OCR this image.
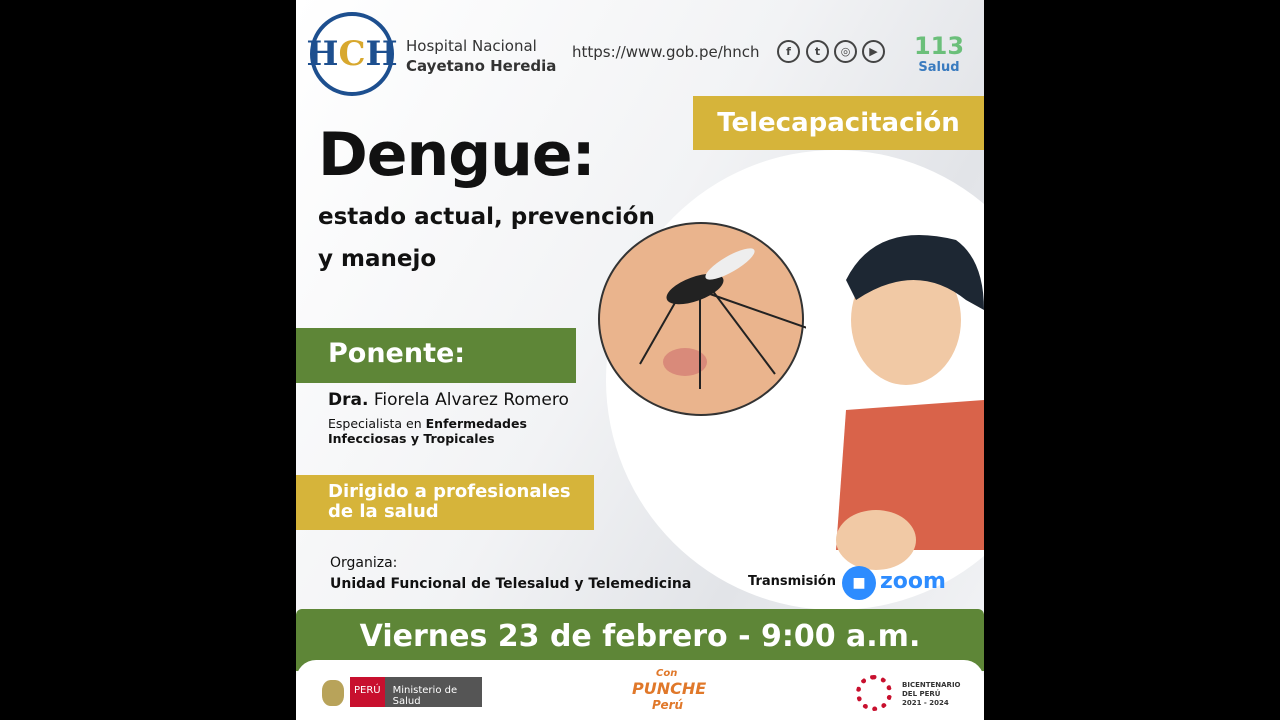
H C H Hospital Nacional
Cayetano Heredia
https://www.gob.pe/hnch	f	t	◎	▶	113
Salud
Telecapacitación
Dengue:
estado actual, prevención
y manejo
Ponente:
Dra. Fiorela Alvarez Romero
Especialista en Enfermedades
Infecciosas y Tropicales
Dirigido a profesionales
de la salud
Organiza:
Unidad Funcional de Telesalud y Telemedicina	Transmisión	■ zoom
Viernes 23 de febrero - 9:00 a.m.
PERÚ	Ministerio de Salud
Con
PUNCHE
Perú
BICENTENARIO
DEL PERÚ
2021 - 2024
